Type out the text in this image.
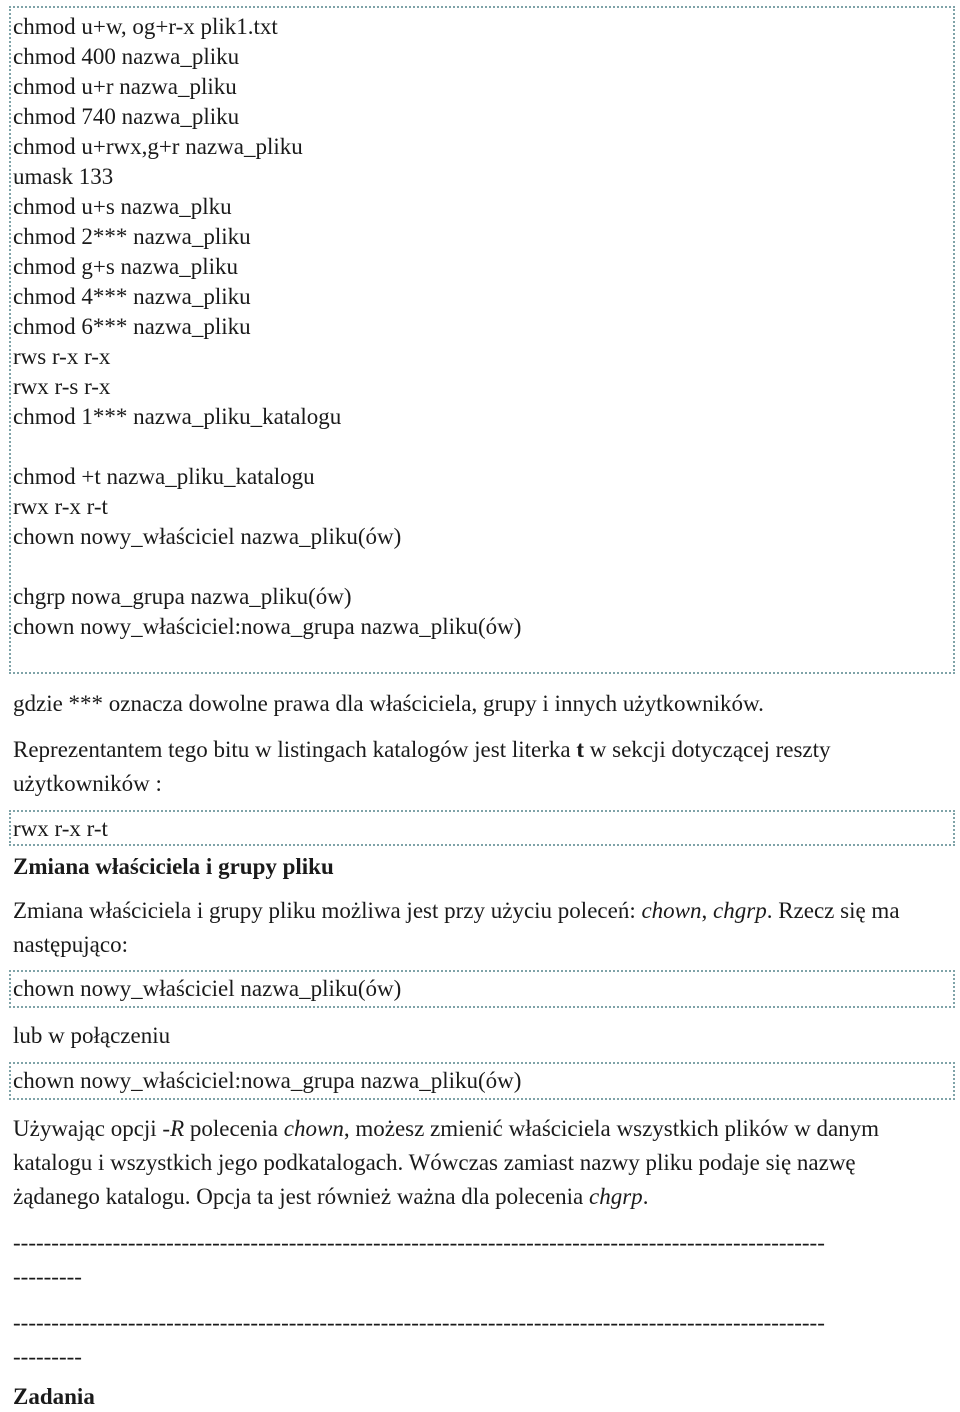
chmod u+w, og+r-x plik1.txt
chmod 400 nazwa_pliku
chmod u+r nazwa_pliku
chmod 740 nazwa_pliku
chmod u+rwx,g+r nazwa_pliku
umask 133
chmod u+s nazwa_plku
chmod 2*** nazwa_pliku
chmod g+s nazwa_pliku
chmod 4*** nazwa_pliku
chmod 6*** nazwa_pliku
rws r-x r-x
rwx r-s r-x
chmod 1*** nazwa_pliku_katalogu
chmod +t nazwa_pliku_katalogu
rwx r-x r-t
chown nowy_właściciel nazwa_pliku(ów)
chgrp nowa_grupa nazwa_pliku(ów)
chown nowy_właściciel:nowa_grupa nazwa_pliku(ów)
gdzie *** oznacza dowolne prawa dla właściciela, grupy i innych użytkowników.
Reprezentantem tego bitu w listingach katalogów jest literka t w sekcji dotyczącej reszty użytkowników :
rwx r-x r-t
Zmiana właściciela i grupy pliku
Zmiana właściciela i grupy pliku możliwa jest przy użyciu poleceń: chown, chgrp. Rzecz się ma następująco:
chown nowy_właściciel nazwa_pliku(ów)
lub w połączeniu
chown nowy_właściciel:nowa_grupa nazwa_pliku(ów)
Używając opcji -R polecenia chown, możesz zmienić właściciela wszystkich plików w danym katalogu i wszystkich jego podkatalogach. Wówczas zamiast nazwy pliku podaje się nazwę żądanego katalogu. Opcja ta jest również ważna dla polecenia chgrp.
----------------------------------------------------------------------------------------------------------
---------
----------------------------------------------------------------------------------------------------------
---------
Zadania
